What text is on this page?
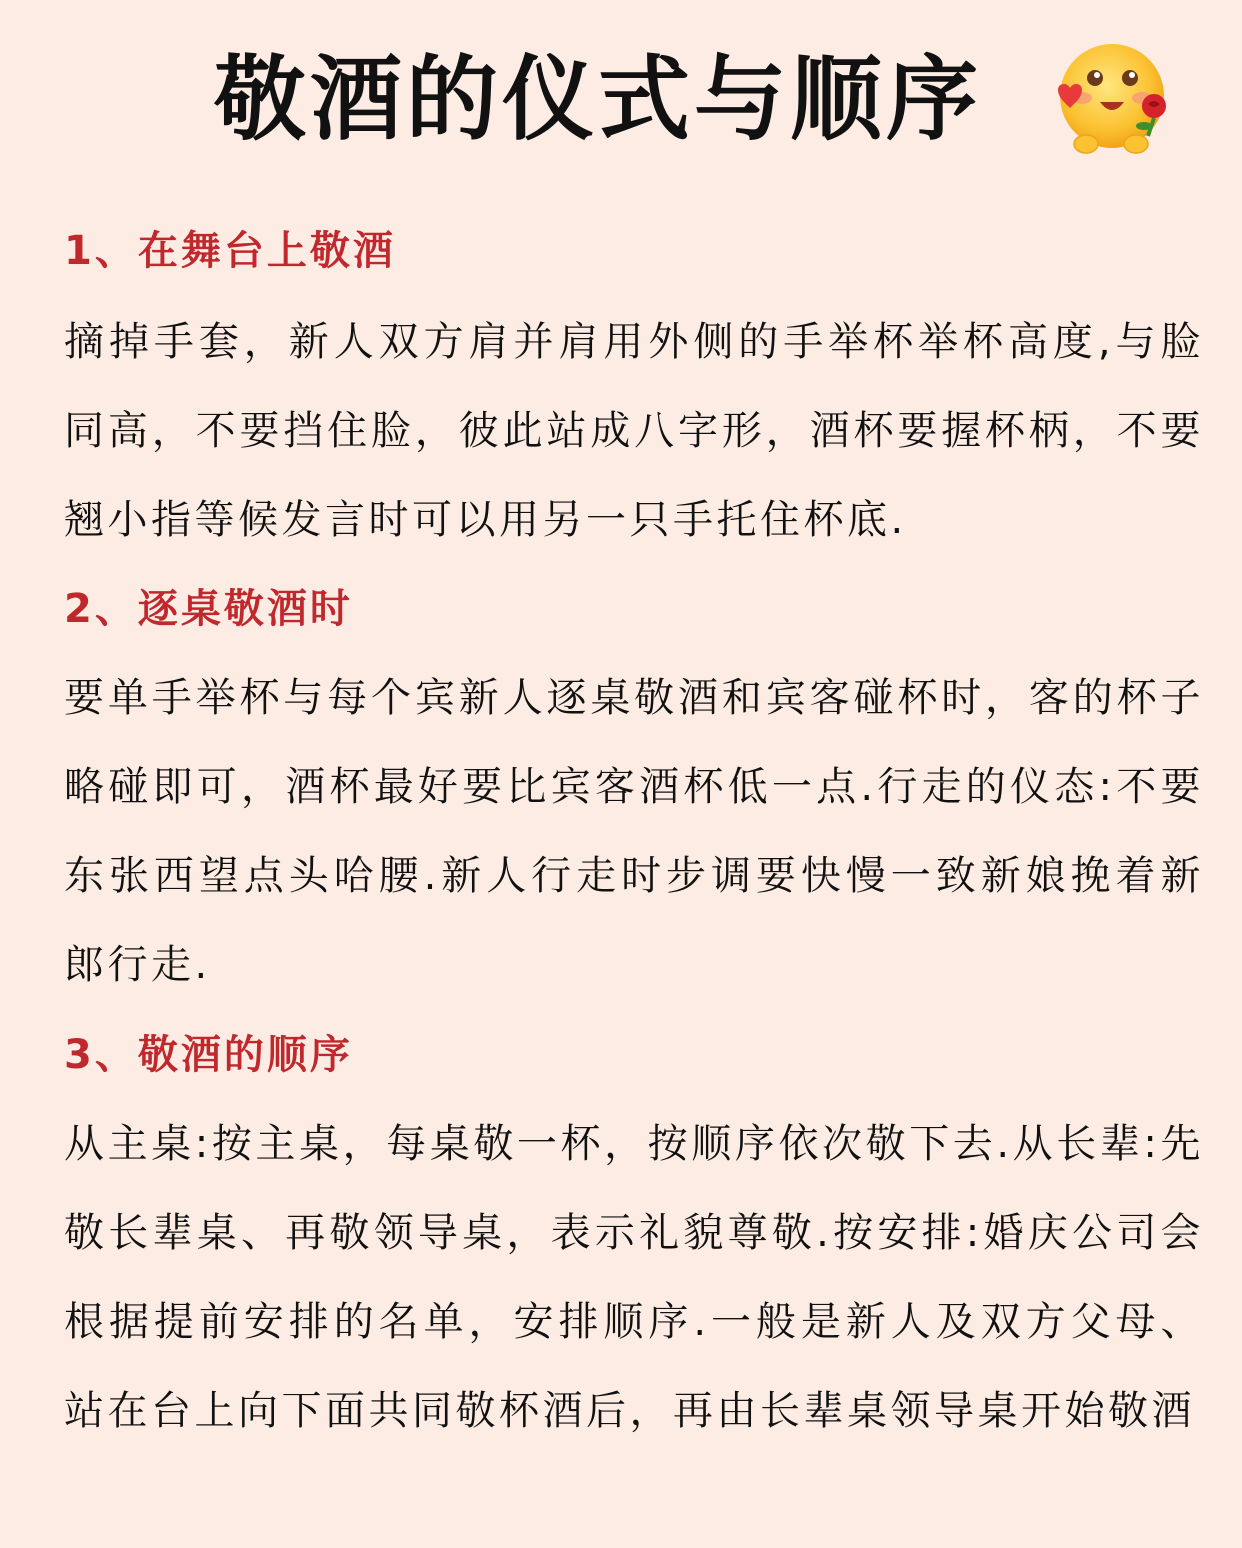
敬酒的仪式与顺序
1、在舞台上敬酒

摘掉手套，新人双方肩并肩用外侧的手举杯举杯高度,与脸同高，不要挡住脸，彼此站成八字形，酒杯要握杯柄，不要翘小指等候发言时可以用另一只手托住杯底.

2、逐桌敬酒时

要单手举杯与每个宾新人逐桌敬酒和宾客碰杯时，客的杯子略碰即可，酒杯最好要比宾客酒杯低一点.行走的仪态:不要东张西望点头哈腰.新人行走时步调要快慢一致新娘挽着新郎行走.

3、敬酒的顺序

从主桌:按主桌，每桌敬一杯，按顺序依次敬下去.从长辈:先敬长辈桌、再敬领导桌，表示礼貌尊敬.按安排:婚庆公司会根据提前安排的名单，安排顺序.一般是新人及双方父母、站在台上向下面共同敬杯酒后，再由长辈桌领导桌开始敬酒
